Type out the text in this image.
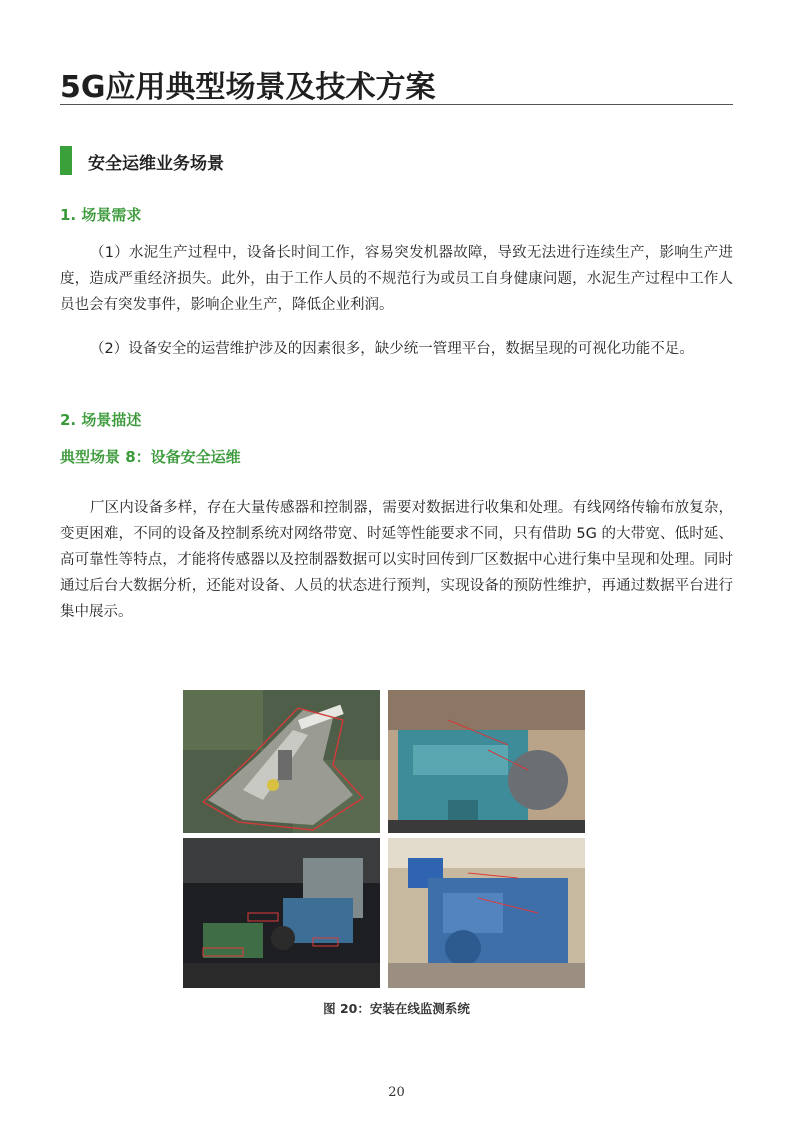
5G应用典型场景及技术方案
安全运维业务场景
1. 场景需求
（1）水泥生产过程中，设备长时间工作，容易突发机器故障，导致无法进行连续生产，影响生产进度，造成严重经济损失。此外，由于工作人员的不规范行为或员工自身健康问题，水泥生产过程中工作人员也会有突发事件，影响企业生产，降低企业利润。
（2）设备安全的运营维护涉及的因素很多，缺少统一管理平台，数据呈现的可视化功能不足。
2. 场景描述
典型场景 8：设备安全运维
厂区内设备多样，存在大量传感器和控制器，需要对数据进行收集和处理。有线网络传输布放复杂，变更困难，不同的设备及控制系统对网络带宽、时延等性能要求不同，只有借助 5G 的大带宽、低时延、高可靠性等特点，才能将传感器以及控制器数据可以实时回传到厂区数据中心进行集中呈现和处理。同时通过后台大数据分析，还能对设备、人员的状态进行预判，实现设备的预防性维护，再通过数据平台进行集中展示。
图 20：安装在线监测系统
20
